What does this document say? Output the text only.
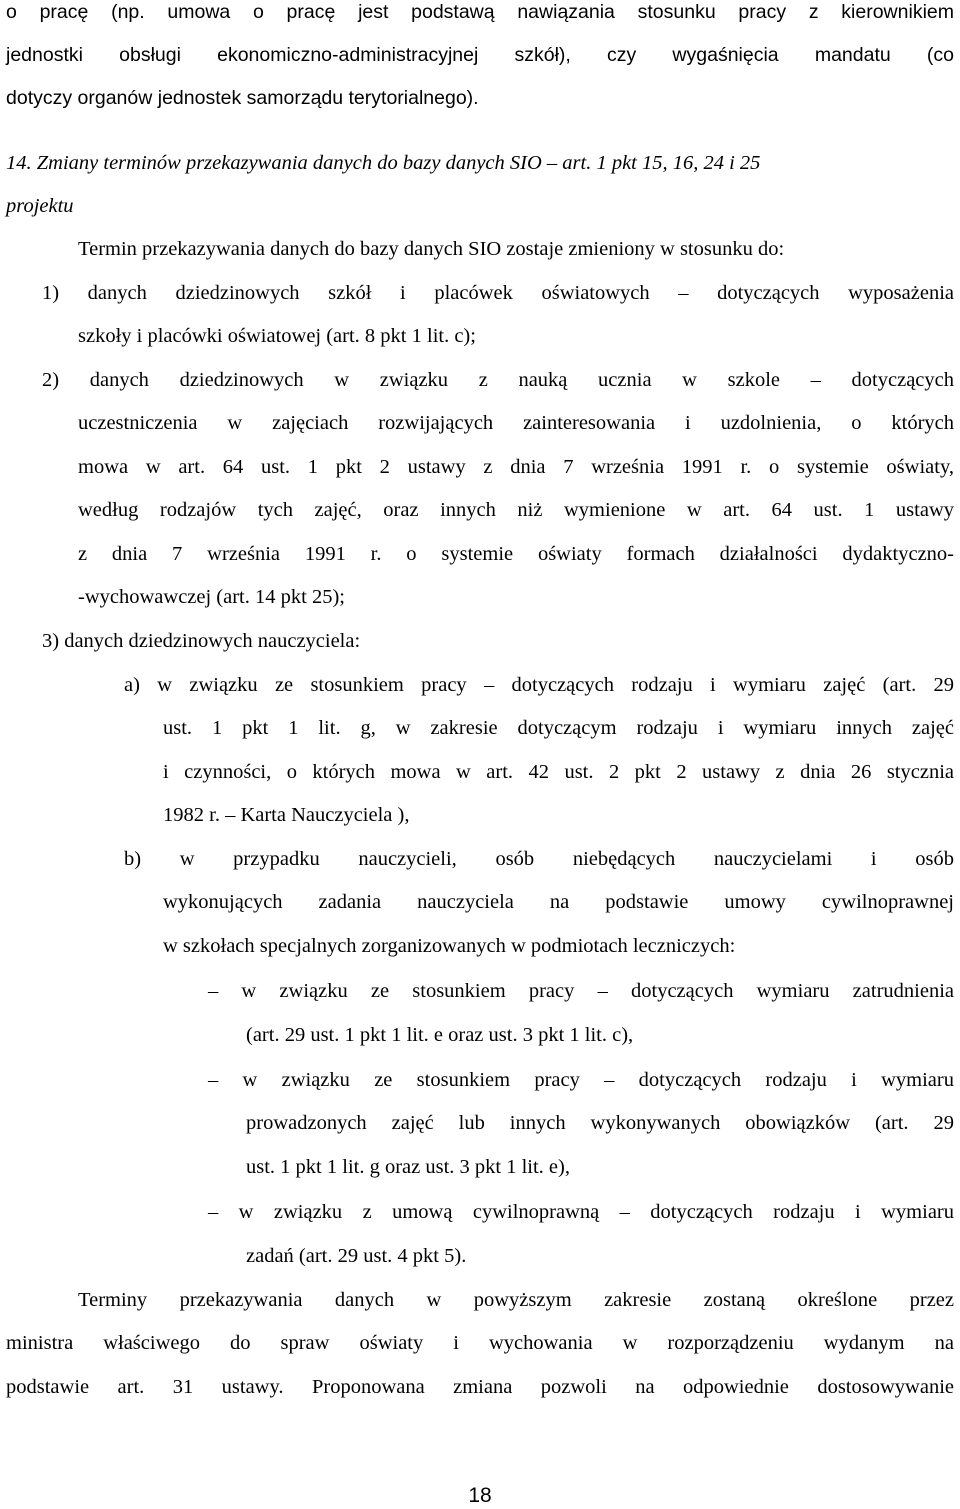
o pracę (np. umowa o pracę jest podstawą nawiązania stosunku pracy z kierownikiem

jednostki obsługi ekonomiczno-administracyjnej szkół), czy wygaśnięcia mandatu (co

dotyczy organów jednostek samorządu terytorialnego).

14. Zmiany terminów przekazywania danych do bazy danych SIO – art. 1 pkt 15, 16, 24 i 25

projektu

Termin przekazywania danych do bazy danych SIO zostaje zmieniony w stosunku do:

1) danych dziedzinowych szkół i placówek oświatowych – dotyczących wyposażenia

szkoły i placówki oświatowej (art. 8 pkt 1 lit. c);

2) danych dziedzinowych w związku z nauką ucznia w szkole – dotyczących

uczestniczenia w zajęciach rozwijających zainteresowania i uzdolnienia, o których

mowa w art. 64 ust. 1 pkt 2 ustawy z dnia 7 września 1991 r. o systemie oświaty,

według rodzajów tych zajęć, oraz innych niż wymienione w art. 64 ust. 1 ustawy

z dnia 7 września 1991 r. o systemie oświaty formach działalności dydaktyczno-

-wychowawczej (art. 14 pkt 25);

3) danych dziedzinowych nauczyciela:

a) w związku ze stosunkiem pracy – dotyczących rodzaju i wymiaru zajęć (art. 29

ust. 1 pkt 1 lit. g, w zakresie dotyczącym rodzaju i wymiaru innych zajęć

i czynności, o których mowa w art. 42 ust. 2 pkt 2 ustawy z dnia 26 stycznia

1982 r. – Karta Nauczyciela ),

b) w przypadku nauczycieli, osób niebędących nauczycielami i osób

wykonujących zadania nauczyciela na podstawie umowy cywilnoprawnej

w szkołach specjalnych zorganizowanych w podmiotach leczniczych:

– w związku ze stosunkiem pracy – dotyczących wymiaru zatrudnienia

(art. 29 ust. 1 pkt 1 lit. e oraz ust. 3 pkt 1 lit. c),

– w związku ze stosunkiem pracy – dotyczących rodzaju i wymiaru

prowadzonych zajęć lub innych wykonywanych obowiązków (art. 29

ust. 1 pkt 1 lit. g oraz ust. 3 pkt 1 lit. e),

– w związku z umową cywilnoprawną – dotyczących rodzaju i wymiaru

zadań (art. 29 ust. 4 pkt 5).

Terminy przekazywania danych w powyższym zakresie zostaną określone przez

ministra właściwego do spraw oświaty i wychowania w rozporządzeniu wydanym na

podstawie art. 31 ustawy. Proponowana zmiana pozwoli na odpowiednie dostosowywanie

18
